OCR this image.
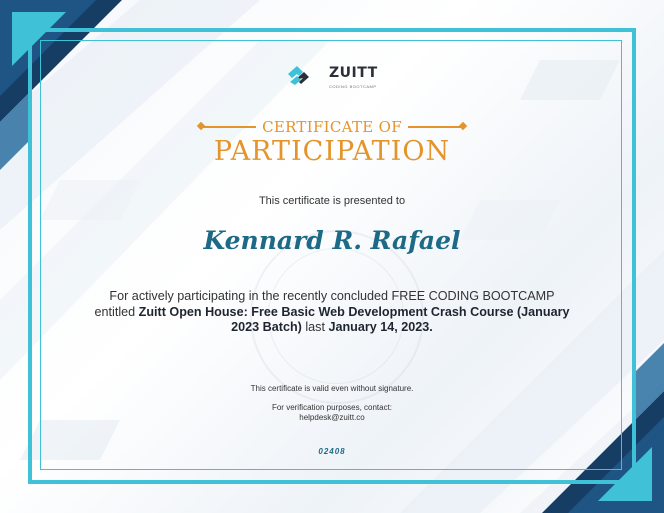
ZUITT
CODING BOOTCAMP
CERTIFICATE OF
PARTICIPATION
This certificate is presented to
Kennard R. Rafael
For actively participating in the recently concluded FREE CODING BOOTCAMP entitled Zuitt Open House: Free Basic Web Development Crash Course (January 2023 Batch) last January 14, 2023.
This certificate is valid even without signature.
For verification purposes, contact:
helpdesk@zuitt.co
02408
